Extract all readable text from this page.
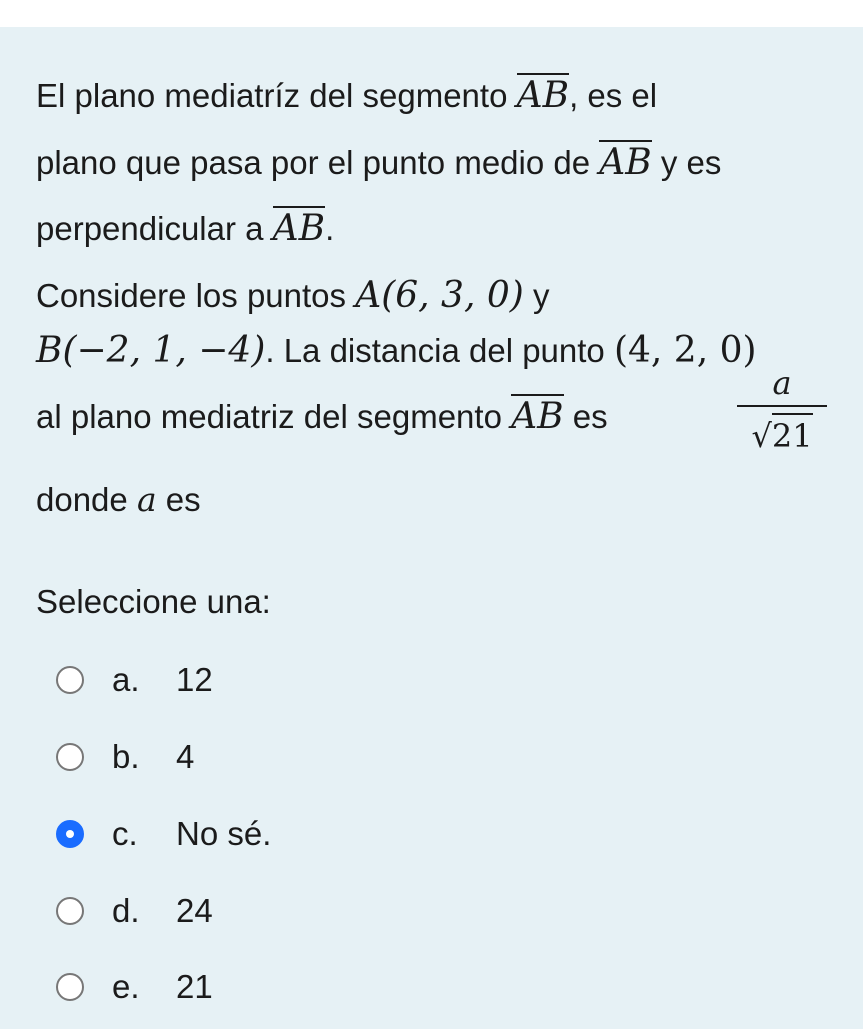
El plano mediatríz del segmento AB, es el
plano que pasa por el punto medio de AB y es
perpendicular a AB.
Considere los puntos A(6, 3, 0) y
B(−2, 1, −4). La distancia del punto (4, 2, 0)
al plano mediatriz del segmento AB es
a
√21
donde a es
Seleccione una:
a.	12
b.	4
c.	No sé.
d.	24
e.	21
